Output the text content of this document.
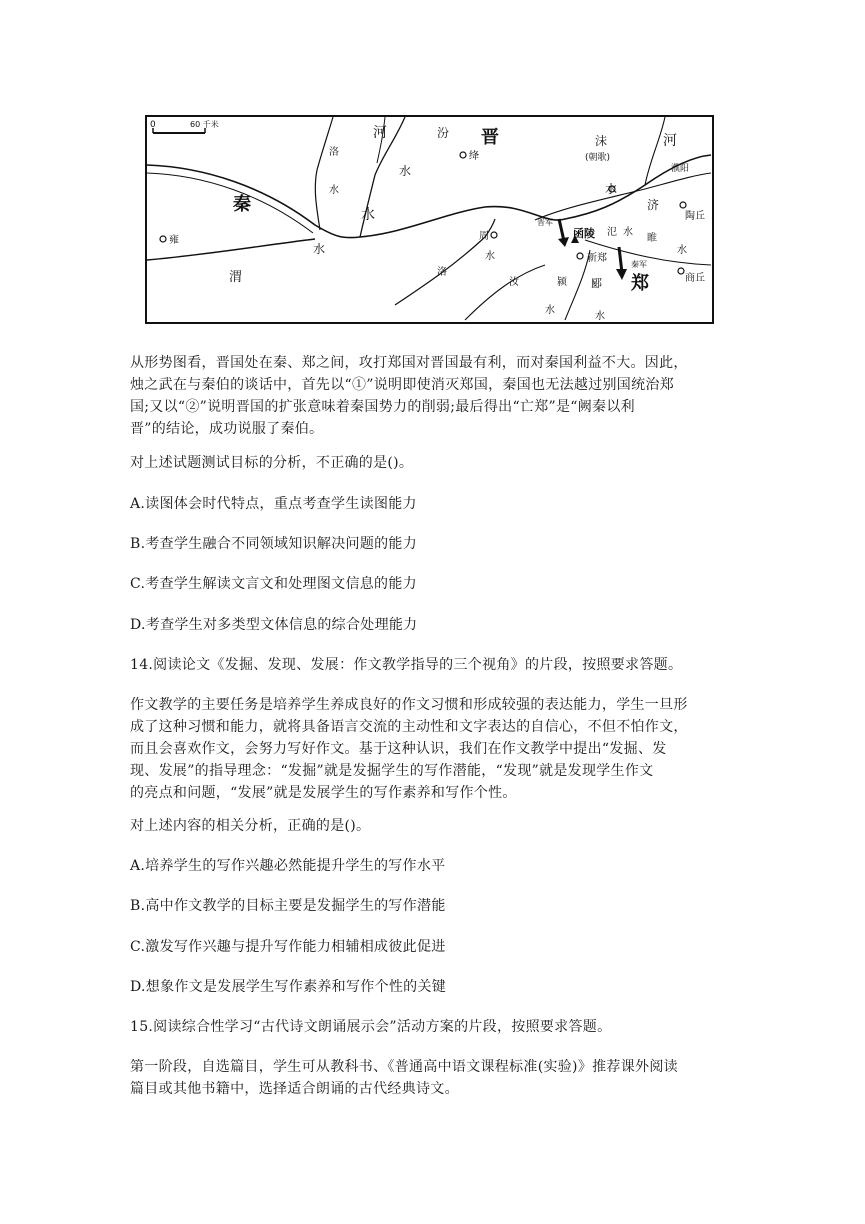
0	60 千米
河	汾 晋	沫
(朝歌)
河
洛
水
绛
水	濮阳
秦	水
水
济
陶丘
雍	周
晋军
函陵 氾 水
睢
水
渭
水
洛
水	新郑
秦军
商丘
汝	颍 郾 郑
水
水
从形势图看，晋国处在秦、郑之间，攻打郑国对晋国最有利，而对秦国利益不大。因此，
烛之武在与秦伯的谈话中，首先以“①”说明即使消灭郑国，秦国也无法越过别国统治郑
国;又以“②”说明晋国的扩张意味着秦国势力的削弱;最后得出“亡郑”是“阙秦以利
晋”的结论，成功说服了秦伯。
对上述试题测试目标的分析，不正确的是()。
A.读图体会时代特点，重点考查学生读图能力
B.考查学生融合不同领域知识解决问题的能力
C.考查学生解读文言文和处理图文信息的能力
D.考查学生对多类型文体信息的综合处理能力
14.阅读论文《发掘、发现、发展：作文教学指导的三个视角》的片段，按照要求答题。
作文教学的主要任务是培养学生养成良好的作文习惯和形成较强的表达能力，学生一旦形
成了这种习惯和能力，就将具备语言交流的主动性和文字表达的自信心，不但不怕作文，
而且会喜欢作文，会努力写好作文。基于这种认识，我们在作文教学中提出“发掘、发
现、发展”的指导理念：“发掘”就是发掘学生的写作潜能，“发现”就是发现学生作文
的亮点和问题，“发展”就是发展学生的写作素养和写作个性。
对上述内容的相关分析，正确的是()。
A.培养学生的写作兴趣必然能提升学生的写作水平
B.高中作文教学的目标主要是发掘学生的写作潜能
C.激发写作兴趣与提升写作能力相辅相成彼此促进
D.想象作文是发展学生写作素养和写作个性的关键
15.阅读综合性学习“古代诗文朗诵展示会”活动方案的片段，按照要求答题。
第一阶段，自选篇目，学生可从教科书、《普通高中语文课程标准(实验)》推荐课外阅读
篇目或其他书籍中，选择适合朗诵的古代经典诗文。
